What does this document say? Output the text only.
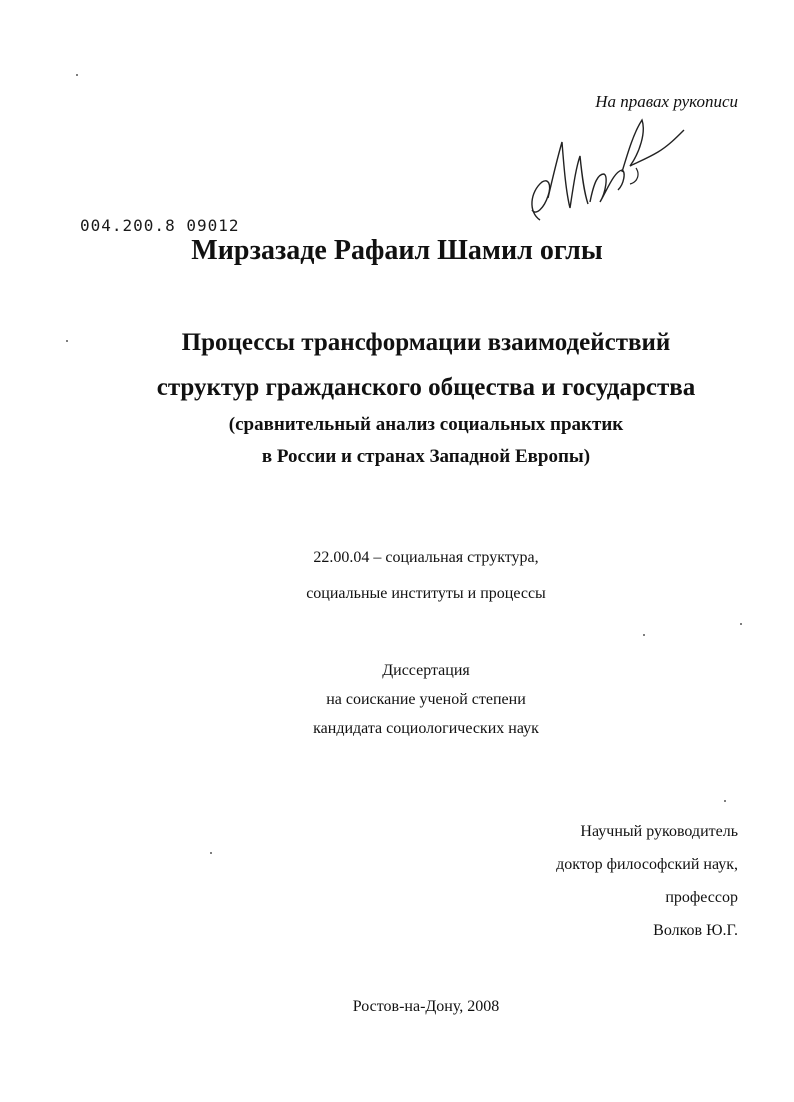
На правах рукописи
004.200.8 09012
Мирзазаде Рафаил Шамил оглы
Процессы трансформации взаимодействий
структур гражданского общества и государства
(сравнительный анализ социальных практик
в России и странах Западной Европы)
22.00.04 – социальная структура,
социальные институты и процессы
Диссертация
на соискание ученой степени
кандидата социологических наук
Научный руководитель
доктор философский наук,
профессор
Волков Ю.Г.
Ростов-на-Дону, 2008
